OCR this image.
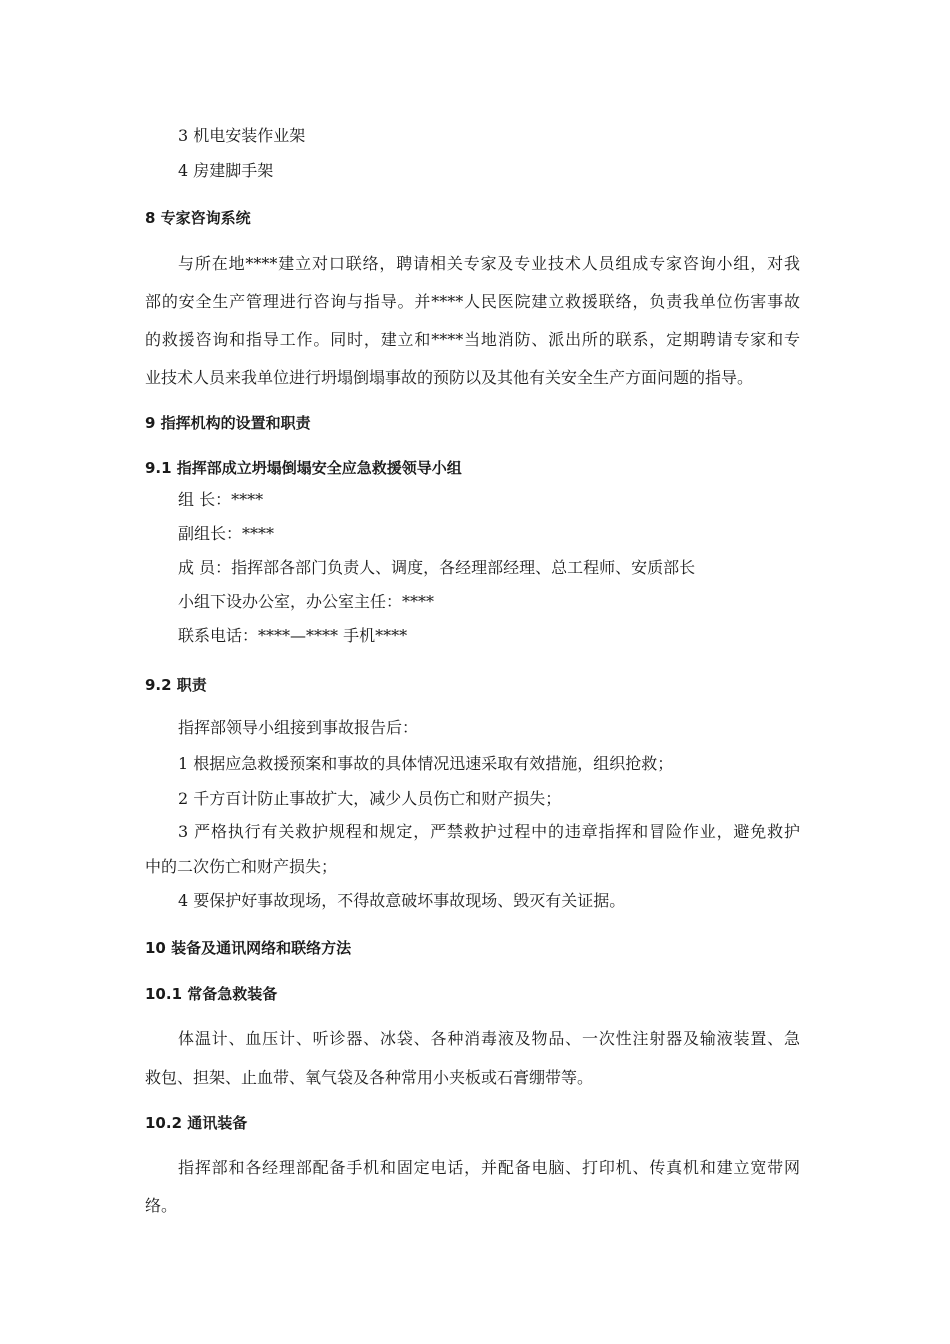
3 机电安装作业架
4 房建脚手架
8 专家咨询系统
与所在地****建立对口联络，聘请相关专家及专业技术人员组成专家咨询小组，对我
部的安全生产管理进行咨询与指导。并****人民医院建立救援联络，负责我单位伤害事故
的救援咨询和指导工作。同时，建立和****当地消防、派出所的联系，定期聘请专家和专
业技术人员来我单位进行坍塌倒塌事故的预防以及其他有关安全生产方面问题的指导。
9 指挥机构的设置和职责
9.1 指挥部成立坍塌倒塌安全应急救援领导小组
组 长：****
副组长：****
成 员：指挥部各部门负责人、调度，各经理部经理、总工程师、安质部长
小组下设办公室，办公室主任：****
联系电话：****—**** 手机****
9.2 职责
指挥部领导小组接到事故报告后：
1 根据应急救援预案和事故的具体情况迅速采取有效措施，组织抢救；
2 千方百计防止事故扩大，减少人员伤亡和财产损失；
3 严格执行有关救护规程和规定，严禁救护过程中的违章指挥和冒险作业，避免救护
中的二次伤亡和财产损失；
4 要保护好事故现场，不得故意破坏事故现场、毁灭有关证据。
10 装备及通讯网络和联络方法
10.1 常备急救装备
体温计、血压计、听诊器、冰袋、各种消毒液及物品、一次性注射器及输液装置、急
救包、担架、止血带、氧气袋及各种常用小夹板或石膏绷带等。
10.2 通讯装备
指挥部和各经理部配备手机和固定电话，并配备电脑、打印机、传真机和建立宽带网
络。
